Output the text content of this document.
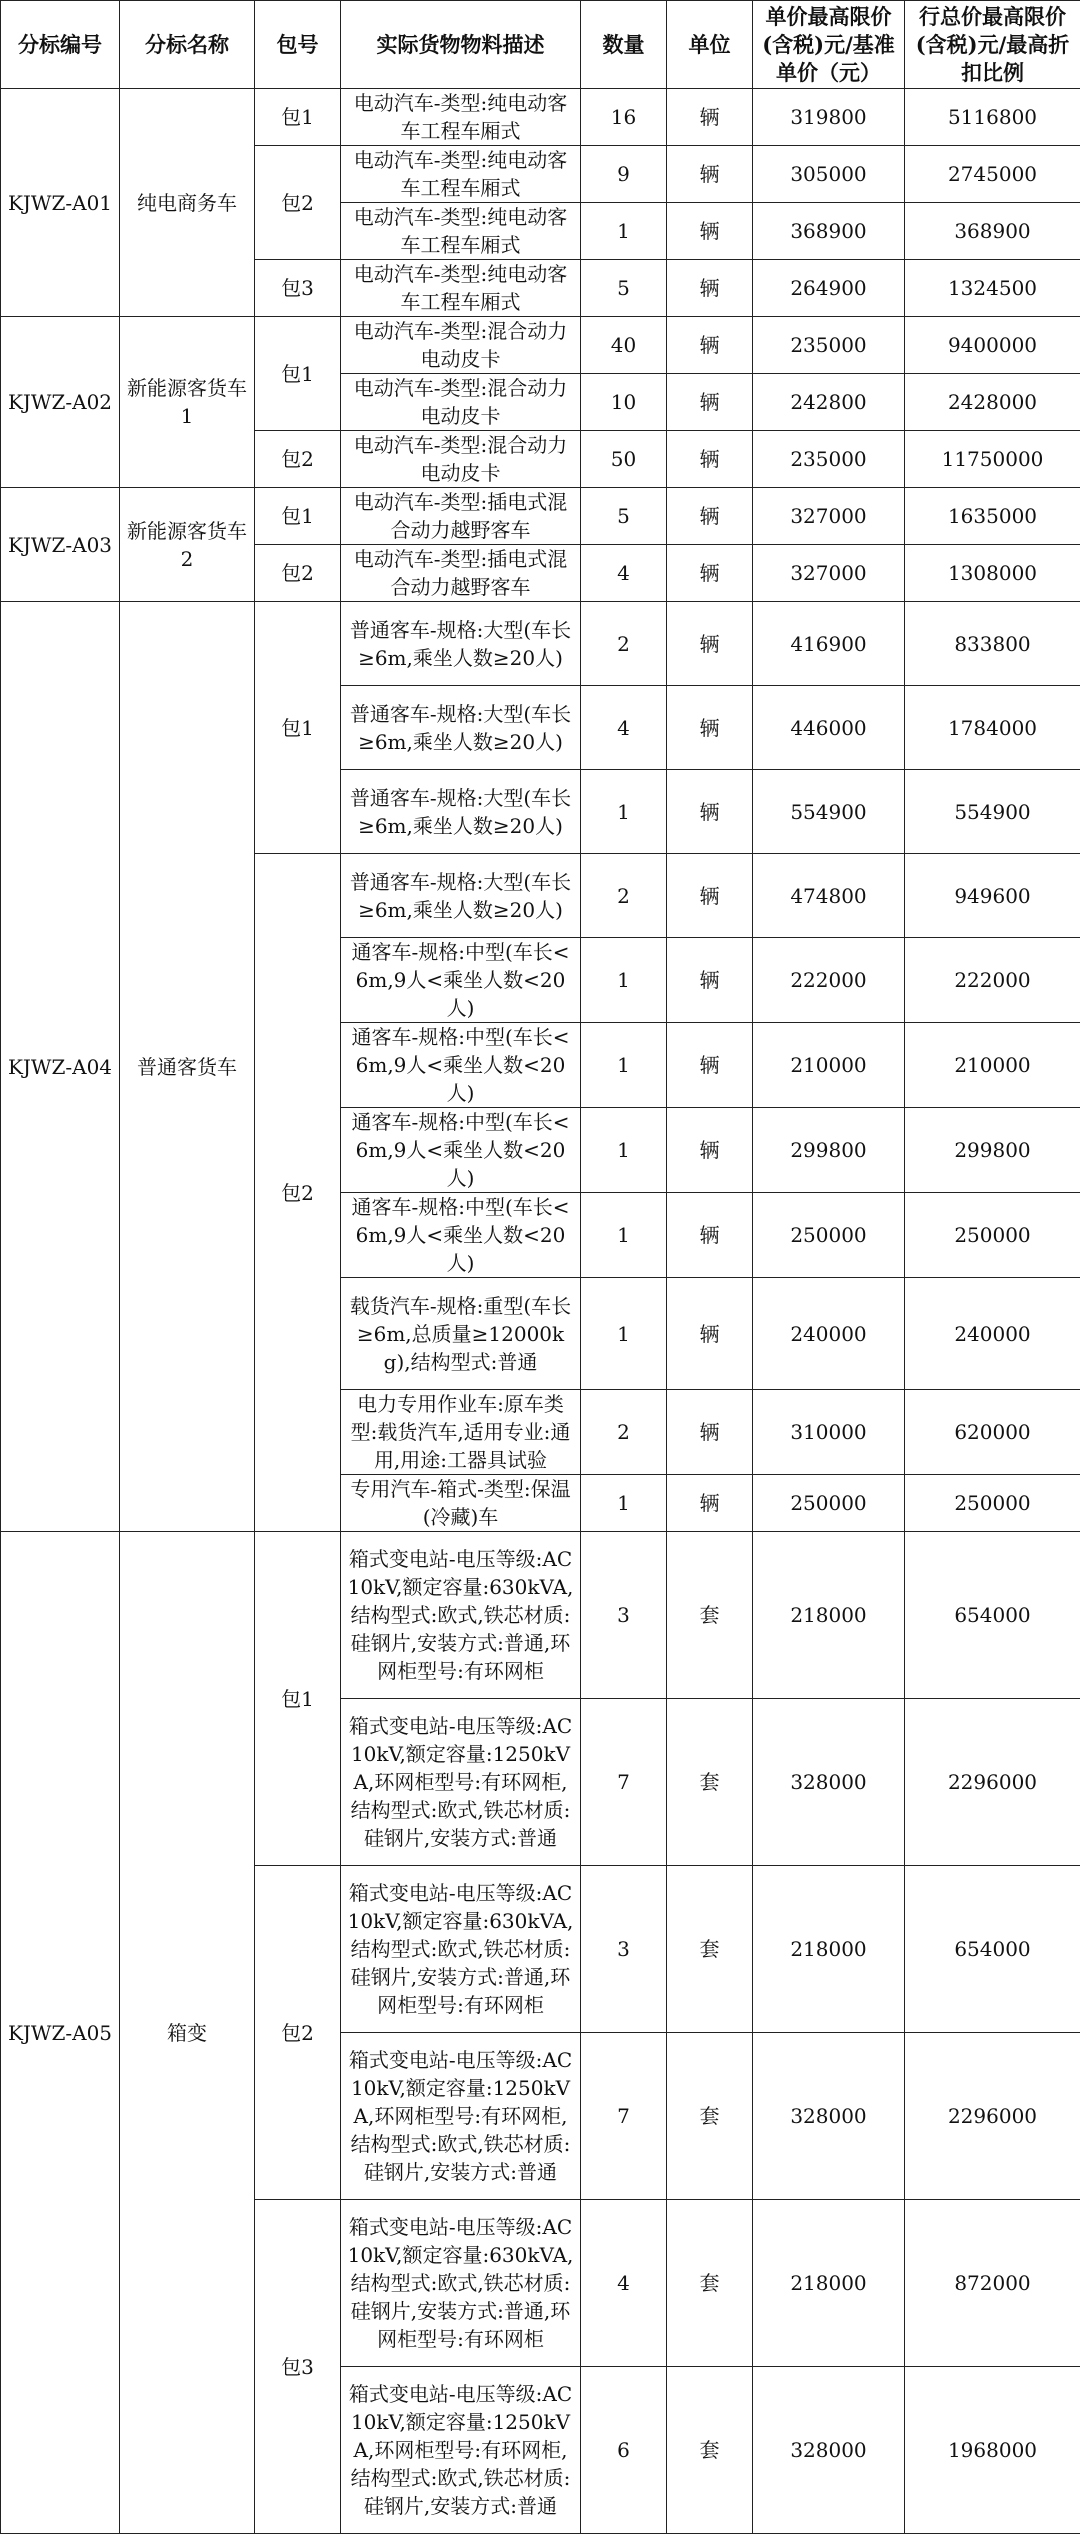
分标编号	分标名称	包号	实际货物物料描述	数量	单位	单价最高限价(含税)元/基准单价（元）	行总价最高限价(含税)元/最高折扣比例
KJWZ-A01	纯电商务车	包1	电动汽车-类型:纯电动客车工程车厢式	16	辆	319800	5116800
		包2	电动汽车-类型:纯电动客车工程车厢式	9	辆	305000	2745000
			电动汽车-类型:纯电动客车工程车厢式	1	辆	368900	368900
		包3	电动汽车-类型:纯电动客车工程车厢式	5	辆	264900	1324500
KJWZ-A02	新能源客货车1	包1	电动汽车-类型:混合动力电动皮卡	40	辆	235000	9400000
			电动汽车-类型:混合动力电动皮卡	10	辆	242800	2428000
		包2	电动汽车-类型:混合动力电动皮卡	50	辆	235000	11750000
KJWZ-A03	新能源客货车2	包1	电动汽车-类型:插电式混合动力越野客车	5	辆	327000	1635000
		包2	电动汽车-类型:插电式混合动力越野客车	4	辆	327000	1308000
KJWZ-A04	普通客货车	包1	普通客车-规格:大型(车长≥6m,乘坐人数≥20人)	2	辆	416900	833800
			普通客车-规格:大型(车长≥6m,乘坐人数≥20人)	4	辆	446000	1784000
			普通客车-规格:大型(车长≥6m,乘坐人数≥20人)	1	辆	554900	554900
		包2	普通客车-规格:大型(车长≥6m,乘坐人数≥20人)	2	辆	474800	949600
			通客车-规格:中型(车长<6m,9人<乘坐人数<20人)	1	辆	222000	222000
			通客车-规格:中型(车长<6m,9人<乘坐人数<20人)	1	辆	210000	210000
			通客车-规格:中型(车长<6m,9人<乘坐人数<20人)	1	辆	299800	299800
			通客车-规格:中型(车长<6m,9人<乘坐人数<20人)	1	辆	250000	250000
			载货汽车-规格:重型(车长≥6m,总质量≥12000kg),结构型式:普通	1	辆	240000	240000
			电力专用作业车:原车类型:载货汽车,适用专业:通用,用途:工器具试验	2	辆	310000	620000
			专用汽车-箱式-类型:保温(冷藏)车	1	辆	250000	250000
KJWZ-A05	箱变	包1	箱式变电站-电压等级:AC10kV,额定容量:630kVA,结构型式:欧式,铁芯材质:硅钢片,安装方式:普通,环网柜型号:有环网柜	3	套	218000	654000
			箱式变电站-电压等级:AC10kV,额定容量:1250kVA,环网柜型号:有环网柜,结构型式:欧式,铁芯材质:硅钢片,安装方式:普通	7	套	328000	2296000
		包2	箱式变电站-电压等级:AC10kV,额定容量:630kVA,结构型式:欧式,铁芯材质:硅钢片,安装方式:普通,环网柜型号:有环网柜	3	套	218000	654000
			箱式变电站-电压等级:AC10kV,额定容量:1250kVA,环网柜型号:有环网柜,结构型式:欧式,铁芯材质:硅钢片,安装方式:普通	7	套	328000	2296000
		包3	箱式变电站-电压等级:AC10kV,额定容量:630kVA,结构型式:欧式,铁芯材质:硅钢片,安装方式:普通,环网柜型号:有环网柜	4	套	218000	872000
			箱式变电站-电压等级:AC10kV,额定容量:1250kVA,环网柜型号:有环网柜,结构型式:欧式,铁芯材质:硅钢片,安装方式:普通	6	套	328000	1968000
